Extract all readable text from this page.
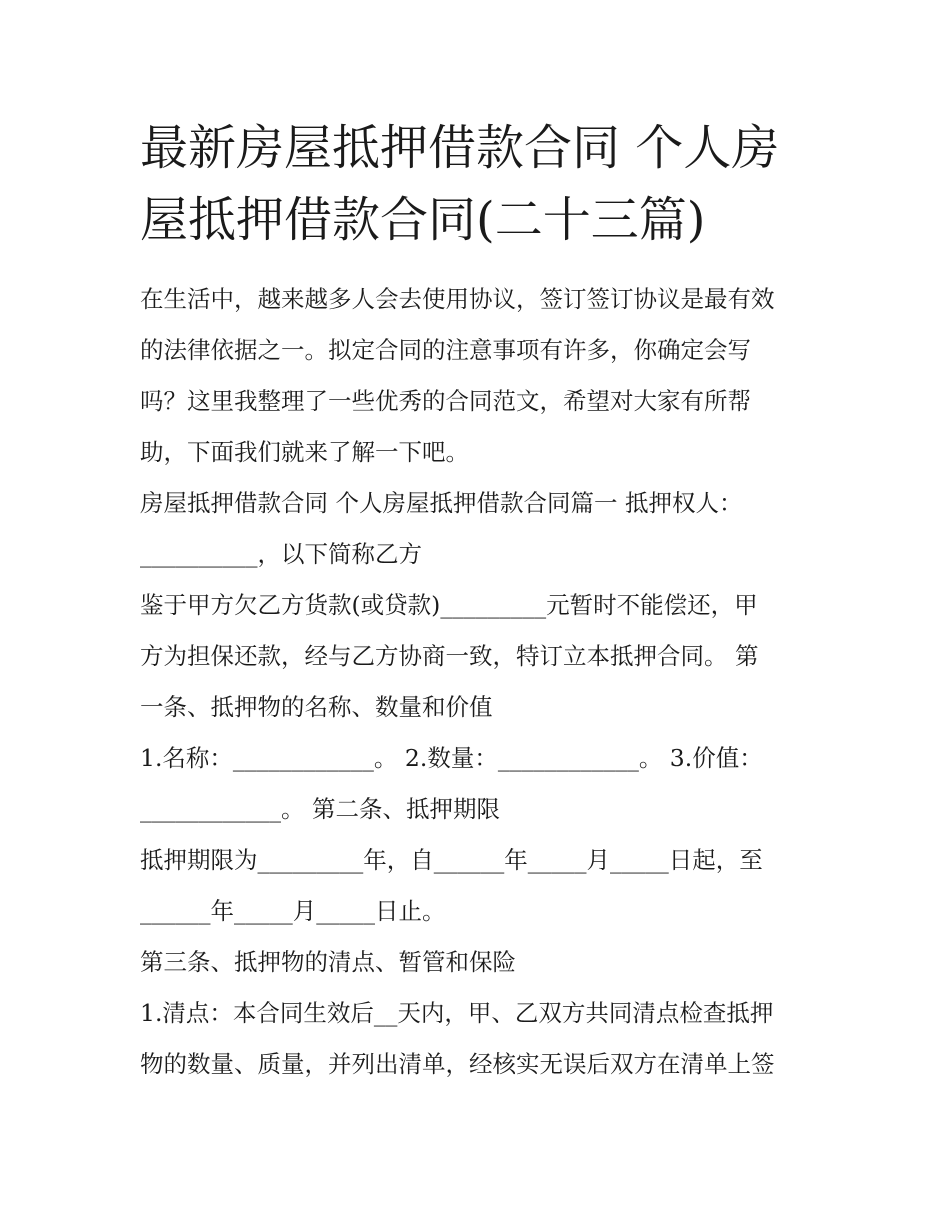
最新房屋抵押借款合同 个人房
屋抵押借款合同(二十三篇)
在生活中，越来越多人会去使用协议，签订签订协议是最有效
的法律依据之一。拟定合同的注意事项有许多，你确定会写
吗？这里我整理了一些优秀的合同范文，希望对大家有所帮
助，下面我们就来了解一下吧。
房屋抵押借款合同 个人房屋抵押借款合同篇一 抵押权人：
__________，以下简称乙方
鉴于甲方欠乙方货款(或贷款)_________元暂时不能偿还，甲
方为担保还款，经与乙方协商一致，特订立本抵押合同。 第
一条、抵押物的名称、数量和价值
1.名称：____________。 2.数量：____________。 3.价值：
____________。 第二条、抵押期限
抵押期限为_________年，自______年_____月_____日起，至
______年_____月_____日止。
第三条、抵押物的清点、暂管和保险
1.清点：本合同生效后__天内，甲、乙双方共同清点检查抵押
物的数量、质量，并列出清单，经核实无误后双方在清单上签
